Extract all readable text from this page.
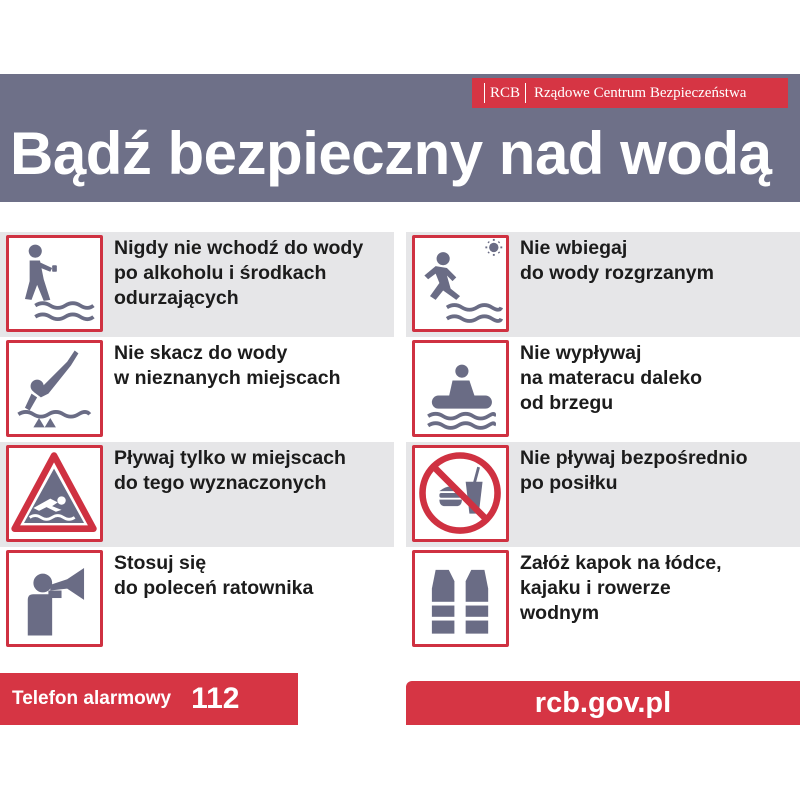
RCB Rządowe Centrum Bezpieczeństwa
Bądź bezpieczny nad wodą
Nigdy nie wchodź do wody
po alkoholu i środkach
odurzających
Nie skacz do wody
w nieznanych miejscach
Pływaj tylko w miejscach
do tego wyznaczonych
Stosuj się
do poleceń ratownika
Nie wbiegaj
do wody rozgrzanym
Nie wypływaj
na materacu daleko
od brzegu
Nie pływaj bezpośrednio
po posiłku
Załóż kapok na łódce,
kajaku i rowerze
wodnym
Telefon alarmowy 112	rcb.gov.pl
